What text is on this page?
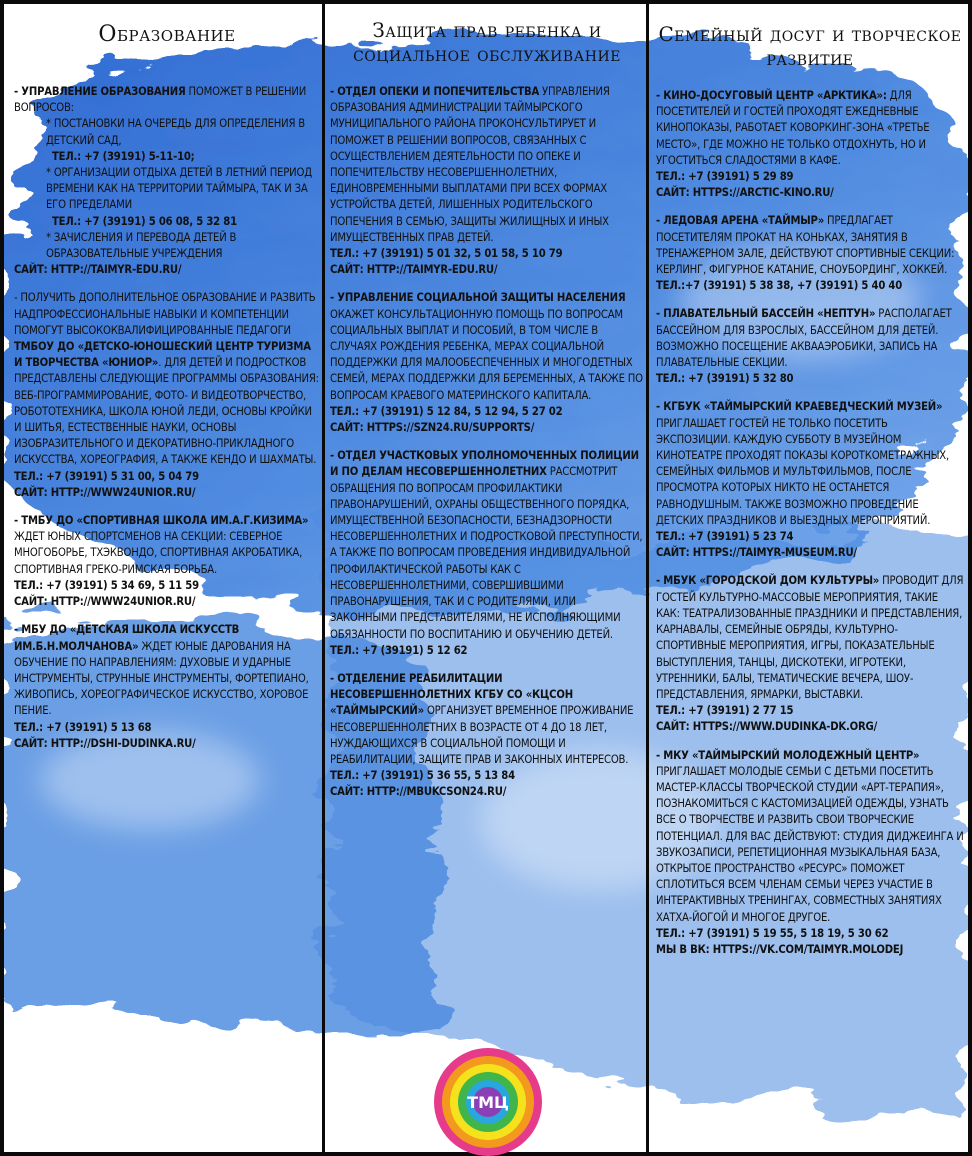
Образование

- УПРАВЛЕНИЕ ОБРАЗОВАНИЯ ПОМОЖЕТ В РЕШЕНИИ ВОПРОСОВ:

* ПОСТАНОВКИ НА ОЧЕРЕДЬ ДЛЯ ОПРЕДЕЛЕНИЯ В ДЕТСКИЙ САД,

ТЕЛ.: +7 (39191) 5-11-10;

* ОРГАНИЗАЦИИ ОТДЫХА ДЕТЕЙ В ЛЕТНИЙ ПЕРИОД ВРЕМЕНИ КАК НА ТЕРРИТОРИИ ТАЙМЫРА, ТАК И ЗА ЕГО ПРЕДЕЛАМИ

ТЕЛ.: +7 (39191) 5 06 08, 5 32 81

* ЗАЧИСЛЕНИЯ И ПЕРЕВОДА ДЕТЕЙ В ОБРАЗОВАТЕЛЬНЫЕ УЧРЕЖДЕНИЯ

САЙТ: HTTP://TAIMYR-EDU.RU/

- ПОЛУЧИТЬ ДОПОЛНИТЕЛЬНОЕ ОБРАЗОВАНИЕ И РАЗВИТЬ НАДПРОФЕССИОНАЛЬНЫЕ НАВЫКИ И КОМПЕТЕНЦИИ ПОМОГУТ ВЫСОКОКВАЛИФИЦИРОВАННЫЕ ПЕДАГОГИ ТМБОУ ДО «ДЕТСКО-ЮНОШЕСКИЙ ЦЕНТР ТУРИЗМА И ТВОРЧЕСТВА «ЮНИОР». ДЛЯ ДЕТЕЙ И ПОДРОСТКОВ ПРЕДСТАВЛЕНЫ СЛЕДУЮЩИЕ ПРОГРАММЫ ОБРАЗОВАНИЯ: ВЕБ-ПРОГРАММИРОВАНИЕ, ФОТО- И ВИДЕОТВОРЧЕСТВО, РОБОТОТЕХНИКА, ШКОЛА ЮНОЙ ЛЕДИ, ОСНОВЫ КРОЙКИ И ШИТЬЯ, ЕСТЕСТВЕННЫЕ НАУКИ, ОСНОВЫ ИЗОБРАЗИТЕЛЬНОГО И ДЕКОРАТИВНО-ПРИКЛАДНОГО ИСКУССТВА, ХОРЕОГРАФИЯ, А ТАКЖЕ КЕНДО И ШАХМАТЫ.

ТЕЛ.: +7 (39191) 5 31 00, 5 04 79

САЙТ: HTTP://WWW24UNIOR.RU/

- ТМБУ ДО «СПОРТИВНАЯ ШКОЛА ИМ.А.Г.КИЗИМА» ЖДЕТ ЮНЫХ СПОРТСМЕНОВ НА СЕКЦИИ: СЕВЕРНОЕ МНОГОБОРЬЕ, ТХЭКВОНДО, СПОРТИВНАЯ АКРОБАТИКА, СПОРТИВНАЯ ГРЕКО-РИМСКАЯ БОРЬБА.

ТЕЛ.: +7 (39191) 5 34 69, 5 11 59

САЙТ: HTTP://WWW24UNIOR.RU/

- МБУ ДО «ДЕТСКАЯ ШКОЛА ИСКУССТВ ИМ.Б.Н.МОЛЧАНОВА» ЖДЕТ ЮНЫЕ ДАРОВАНИЯ НА ОБУЧЕНИЕ ПО НАПРАВЛЕНИЯМ: ДУХОВЫЕ И УДАРНЫЕ ИНСТРУМЕНТЫ, СТРУННЫЕ ИНСТРУМЕНТЫ, ФОРТЕПИАНО, ЖИВОПИСЬ, ХОРЕОГРАФИЧЕСКОЕ ИСКУССТВО, ХОРОВОЕ ПЕНИЕ.

ТЕЛ.: +7 (39191) 5 13 68

САЙТ: HTTP://DSHI-DUDINKA.RU/

Защита прав ребенка и социальное обслуживание

- ОТДЕЛ ОПЕКИ И ПОПЕЧИТЕЛЬСТВА УПРАВЛЕНИЯ ОБРАЗОВАНИЯ АДМИНИСТРАЦИИ ТАЙМЫРСКОГО МУНИЦИПАЛЬНОГО РАЙОНА ПРОКОНСУЛЬТИРУЕТ И ПОМОЖЕТ В РЕШЕНИИ ВОПРОСОВ, СВЯЗАННЫХ С ОСУЩЕСТВЛЕНИЕМ ДЕЯТЕЛЬНОСТИ ПО ОПЕКЕ И ПОПЕЧИТЕЛЬСТВУ НЕСОВЕРШЕННОЛЕТНИХ, ЕДИНОВРЕМЕННЫМИ ВЫПЛАТАМИ ПРИ ВСЕХ ФОРМАХ УСТРОЙСТВА ДЕТЕЙ, ЛИШЕННЫХ РОДИТЕЛЬСКОГО ПОПЕЧЕНИЯ В СЕМЬЮ, ЗАЩИТЫ ЖИЛИЩНЫХ И ИНЫХ ИМУЩЕСТВЕННЫХ ПРАВ ДЕТЕЙ.

ТЕЛ.: +7 (39191) 5 01 32, 5 01 58, 5 10 79

САЙТ: HTTP://TAIMYR-EDU.RU/

- УПРАВЛЕНИЕ СОЦИАЛЬНОЙ ЗАЩИТЫ НАСЕЛЕНИЯ ОКАЖЕТ КОНСУЛЬТАЦИОННУЮ ПОМОЩЬ ПО ВОПРОСАМ СОЦИАЛЬНЫХ ВЫПЛАТ И ПОСОБИЙ, В ТОМ ЧИСЛЕ В СЛУЧАЯХ РОЖДЕНИЯ РЕБЕНКА, МЕРАХ СОЦИАЛЬНОЙ ПОДДЕРЖКИ ДЛЯ МАЛООБЕСПЕЧЕННЫХ И МНОГОДЕТНЫХ СЕМЕЙ, МЕРАХ ПОДДЕРЖКИ ДЛЯ БЕРЕМЕННЫХ, А ТАКЖЕ ПО ВОПРОСАМ КРАЕВОГО МАТЕРИНСКОГО КАПИТАЛА.

ТЕЛ.: +7 (39191) 5 12 84, 5 12 94, 5 27 02

САЙТ: HTTPS://SZN24.RU/SUPPORTS/

- ОТДЕЛ УЧАСТКОВЫХ УПОЛНОМОЧЕННЫХ ПОЛИЦИИ И ПО ДЕЛАМ НЕСОВЕРШЕННОЛЕТНИХ РАССМОТРИТ ОБРАЩЕНИЯ ПО ВОПРОСАМ ПРОФИЛАКТИКИ ПРАВОНАРУШЕНИЙ, ОХРАНЫ ОБЩЕСТВЕННОГО ПОРЯДКА, ИМУЩЕСТВЕННОЙ БЕЗОПАСНОСТИ, БЕЗНАДЗОРНОСТИ НЕСОВЕРШЕННОЛЕТНИХ И ПОДРОСТКОВОЙ ПРЕСТУПНОСТИ, А ТАКЖЕ ПО ВОПРОСАМ ПРОВЕДЕНИЯ ИНДИВИДУАЛЬНОЙ ПРОФИЛАКТИЧЕСКОЙ РАБОТЫ КАК С НЕСОВЕРШЕННОЛЕТНИМИ, СОВЕРШИВШИМИ ПРАВОНАРУШЕНИЯ, ТАК И С РОДИТЕЛЯМИ, ИЛИ ЗАКОННЫМИ ПРЕДСТАВИТЕЛЯМИ, НЕ ИСПОЛНЯЮЩИМИ ОБЯЗАННОСТИ ПО ВОСПИТАНИЮ И ОБУЧЕНИЮ ДЕТЕЙ.

ТЕЛ.: +7 (39191) 5 12 62

- ОТДЕЛЕНИЕ РЕАБИЛИТАЦИИ НЕСОВЕРШЕННОЛЕТНИХ КГБУ СО «КЦСОН «ТАЙМЫРСКИЙ» ОРГАНИЗУЕТ ВРЕМЕННОЕ ПРОЖИВАНИЕ НЕСОВЕРШЕННОЛЕТНИХ В ВОЗРАСТЕ ОТ 4 ДО 18 ЛЕТ, НУЖДАЮЩИХСЯ В СОЦИАЛЬНОЙ ПОМОЩИ И РЕАБИЛИТАЦИИ, ЗАЩИТЕ ПРАВ И ЗАКОННЫХ ИНТЕРЕСОВ.

ТЕЛ.: +7 (39191) 5 36 55, 5 13 84

САЙТ: HTTP://MBUKCSON24.RU/

Семейный досуг и творческое развитие

- КИНО-ДОСУГОВЫЙ ЦЕНТР «АРКТИКА»: ДЛЯ ПОСЕТИТЕЛЕЙ И ГОСТЕЙ ПРОХОДЯТ ЕЖЕДНЕВНЫЕ КИНОПОКАЗЫ, РАБОТАЕТ КОВОРКИНГ-ЗОНА «ТРЕТЬЕ МЕСТО», ГДЕ МОЖНО НЕ ТОЛЬКО ОТДОХНУТЬ, НО И УГОСТИТЬСЯ СЛАДОСТЯМИ В КАФЕ.

ТЕЛ.: +7 (39191) 5 29 89

САЙТ: HTTPS://ARCTIC-KINO.RU/

- ЛЕДОВАЯ АРЕНА «ТАЙМЫР» ПРЕДЛАГАЕТ ПОСЕТИТЕЛЯМ ПРОКАТ НА КОНЬКАХ, ЗАНЯТИЯ В ТРЕНАЖЕРНОМ ЗАЛЕ, ДЕЙСТВУЮТ СПОРТИВНЫЕ СЕКЦИИ: КЕРЛИНГ, ФИГУРНОЕ КАТАНИЕ, СНОУБОРДИНГ, ХОККЕЙ.

ТЕЛ.:+7 (39191) 5 38 38, +7 (39191) 5 40 40

- ПЛАВАТЕЛЬНЫЙ БАССЕЙН «НЕПТУН» РАСПОЛАГАЕТ БАССЕЙНОМ ДЛЯ ВЗРОСЛЫХ, БАССЕЙНОМ ДЛЯ ДЕТЕЙ. ВОЗМОЖНО ПОСЕЩЕНИЕ АКВААЭРОБИКИ, ЗАПИСЬ НА ПЛАВАТЕЛЬНЫЕ СЕКЦИИ.

ТЕЛ.: +7 (39191) 5 32 80

- КГБУК «ТАЙМЫРСКИЙ КРАЕВЕДЧЕСКИЙ МУЗЕЙ» ПРИГЛАШАЕТ ГОСТЕЙ НЕ ТОЛЬКО ПОСЕТИТЬ ЭКСПОЗИЦИИ. КАЖДУЮ СУББОТУ В МУЗЕЙНОМ КИНОТЕАТРЕ ПРОХОДЯТ ПОКАЗЫ КОРОТКОМЕТРАЖНЫХ, СЕМЕЙНЫХ ФИЛЬМОВ И МУЛЬТФИЛЬМОВ, ПОСЛЕ ПРОСМОТРА КОТОРЫХ НИКТО НЕ ОСТАНЕТСЯ РАВНОДУШНЫМ. ТАКЖЕ ВОЗМОЖНО ПРОВЕДЕНИЕ ДЕТСКИХ ПРАЗДНИКОВ И ВЫЕЗДНЫХ МЕРОПРИЯТИЙ.

ТЕЛ.: +7 (39191) 5 23 74

САЙТ: HTTPS://TAIMYR-MUSEUM.RU/

- МБУК «ГОРОДСКОЙ ДОМ КУЛЬТУРЫ» ПРОВОДИТ ДЛЯ ГОСТЕЙ КУЛЬТУРНО-МАССОВЫЕ МЕРОПРИЯТИЯ, ТАКИЕ КАК: ТЕАТРАЛИЗОВАННЫЕ ПРАЗДНИКИ И ПРЕДСТАВЛЕНИЯ, КАРНАВАЛЫ, СЕМЕЙНЫЕ ОБРЯДЫ, КУЛЬТУРНО-СПОРТИВНЫЕ МЕРОПРИЯТИЯ, ИГРЫ, ПОКАЗАТЕЛЬНЫЕ ВЫСТУПЛЕНИЯ, ТАНЦЫ, ДИСКОТЕКИ, ИГРОТЕКИ, УТРЕННИКИ, БАЛЫ, ТЕМАТИЧЕСКИЕ ВЕЧЕРА, ШОУ-ПРЕДСТАВЛЕНИЯ, ЯРМАРКИ, ВЫСТАВКИ.

ТЕЛ.: +7 (39191) 2 77 15

САЙТ: HTTPS://WWW.DUDINKA-DK.ORG/

- МКУ «ТАЙМЫРСКИЙ МОЛОДЕЖНЫЙ ЦЕНТР» ПРИГЛАШАЕТ МОЛОДЫЕ СЕМЬИ С ДЕТЬМИ ПОСЕТИТЬ МАСТЕР-КЛАССЫ ТВОРЧЕСКОЙ СТУДИИ «АРТ-ТЕРАПИЯ», ПОЗНАКОМИТЬСЯ С КАСТОМИЗАЦИЕЙ ОДЕЖДЫ, УЗНАТЬ ВСЕ О ТВОРЧЕСТВЕ И РАЗВИТЬ СВОИ ТВОРЧЕСКИЕ ПОТЕНЦИАЛ. ДЛЯ ВАС ДЕЙСТВУЮТ: СТУДИЯ ДИДЖЕИНГА И ЗВУКОЗАПИСИ, РЕПЕТИЦИОННАЯ МУЗЫКАЛЬНАЯ БАЗА, ОТКРЫТОЕ ПРОСТРАНСТВО «РЕСУРС» ПОМОЖЕТ СПЛОТИТЬСЯ ВСЕМ ЧЛЕНАМ СЕМЬИ ЧЕРЕЗ УЧАСТИЕ В ИНТЕРАКТИВНЫХ ТРЕНИНГАХ, СОВМЕСТНЫХ ЗАНЯТИЯХ ХАТХА-ЙОГОЙ И МНОГОЕ ДРУГОЕ.

ТЕЛ.: +7 (39191) 5 19 55, 5 18 19, 5 30 62

МЫ В ВК: HTTPS://VK.COM/TAIMYR.MOLODEJ

ТМЦ
